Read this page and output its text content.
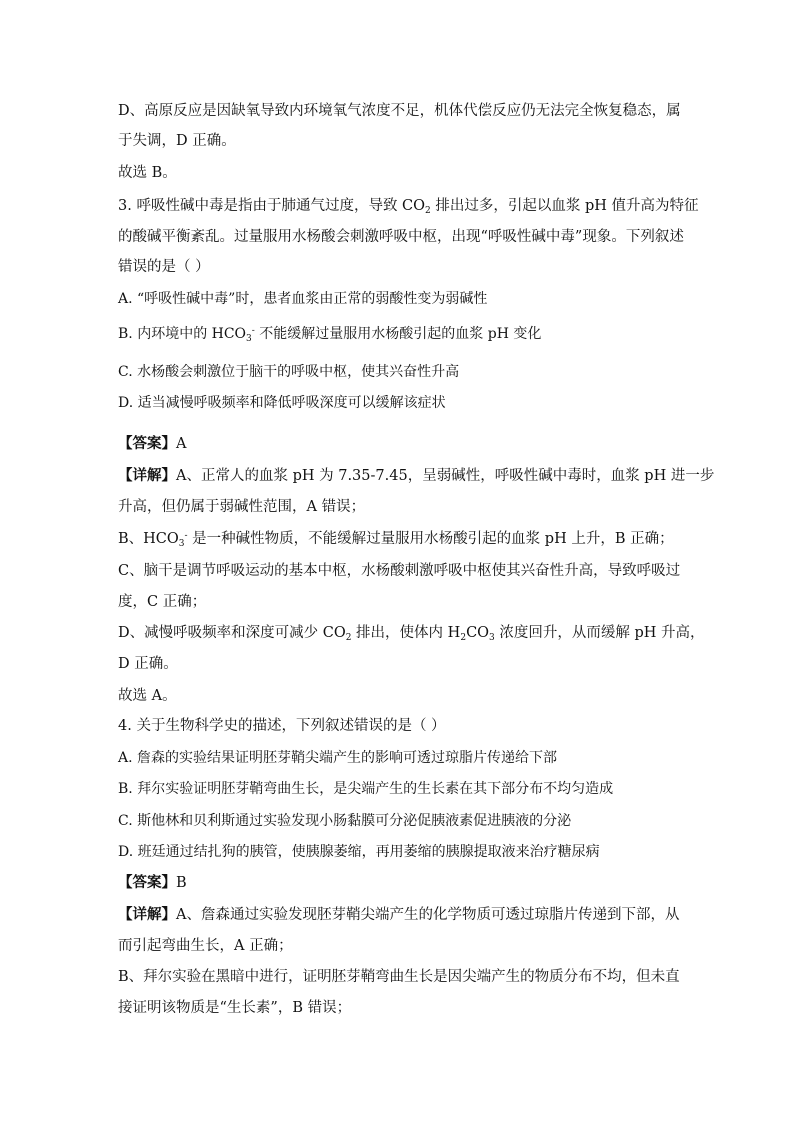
D、高原反应是因缺氧导致内环境氧气浓度不足，机体代偿反应仍无法完全恢复稳态，属
于失调，D 正确。
故选 B。
3. 呼吸性碱中毒是指由于肺通气过度，导致 $CO_2$ 排出过多，引起以血浆 pH 值升高为特征
的酸碱平衡紊乱。过量服用水杨酸会刺激呼吸中枢，出现“呼吸性碱中毒”现象。下列叙述
错误的是（ ）
A. “呼吸性碱中毒”时，患者血浆由正常的弱酸性变为弱碱性
B. 内环境中的 $HCO_3^-$ 不能缓解过量服用水杨酸引起的血浆 pH 变化
C. 水杨酸会刺激位于脑干的呼吸中枢，使其兴奋性升高
D. 适当减慢呼吸频率和降低呼吸深度可以缓解该症状
【答案】A
【详解】A、正常人的血浆 pH 为 7.35-7.45，呈弱碱性，呼吸性碱中毒时，血浆 pH 进一步
升高，但仍属于弱碱性范围，A 错误；
B、$HCO_3^-$ 是一种碱性物质，不能缓解过量服用水杨酸引起的血浆 pH 上升，B 正确；
C、脑干是调节呼吸运动的基本中枢，水杨酸刺激呼吸中枢使其兴奋性升高，导致呼吸过
度，C 正确；
D、减慢呼吸频率和深度可减少 $CO_2$ 排出，使体内 $H_2CO_3$ 浓度回升，从而缓解 pH 升高，
D 正确。
故选 A。
4. 关于生物科学史的描述，下列叙述错误的是（ ）
A. 詹森的实验结果证明胚芽鞘尖端产生的影响可透过琼脂片传递给下部
B. 拜尔实验证明胚芽鞘弯曲生长，是尖端产生的生长素在其下部分布不均匀造成
C. 斯他林和贝利斯通过实验发现小肠黏膜可分泌促胰液素促进胰液的分泌
D. 班廷通过结扎狗的胰管，使胰腺萎缩，再用萎缩的胰腺提取液来治疗糖尿病
【答案】B
【详解】A、詹森通过实验发现胚芽鞘尖端产生的化学物质可透过琼脂片传递到下部，从
而引起弯曲生长，A 正确；
B、拜尔实验在黑暗中进行，证明胚芽鞘弯曲生长是因尖端产生的物质分布不均，但未直
接证明该物质是“生长素”，B 错误；
